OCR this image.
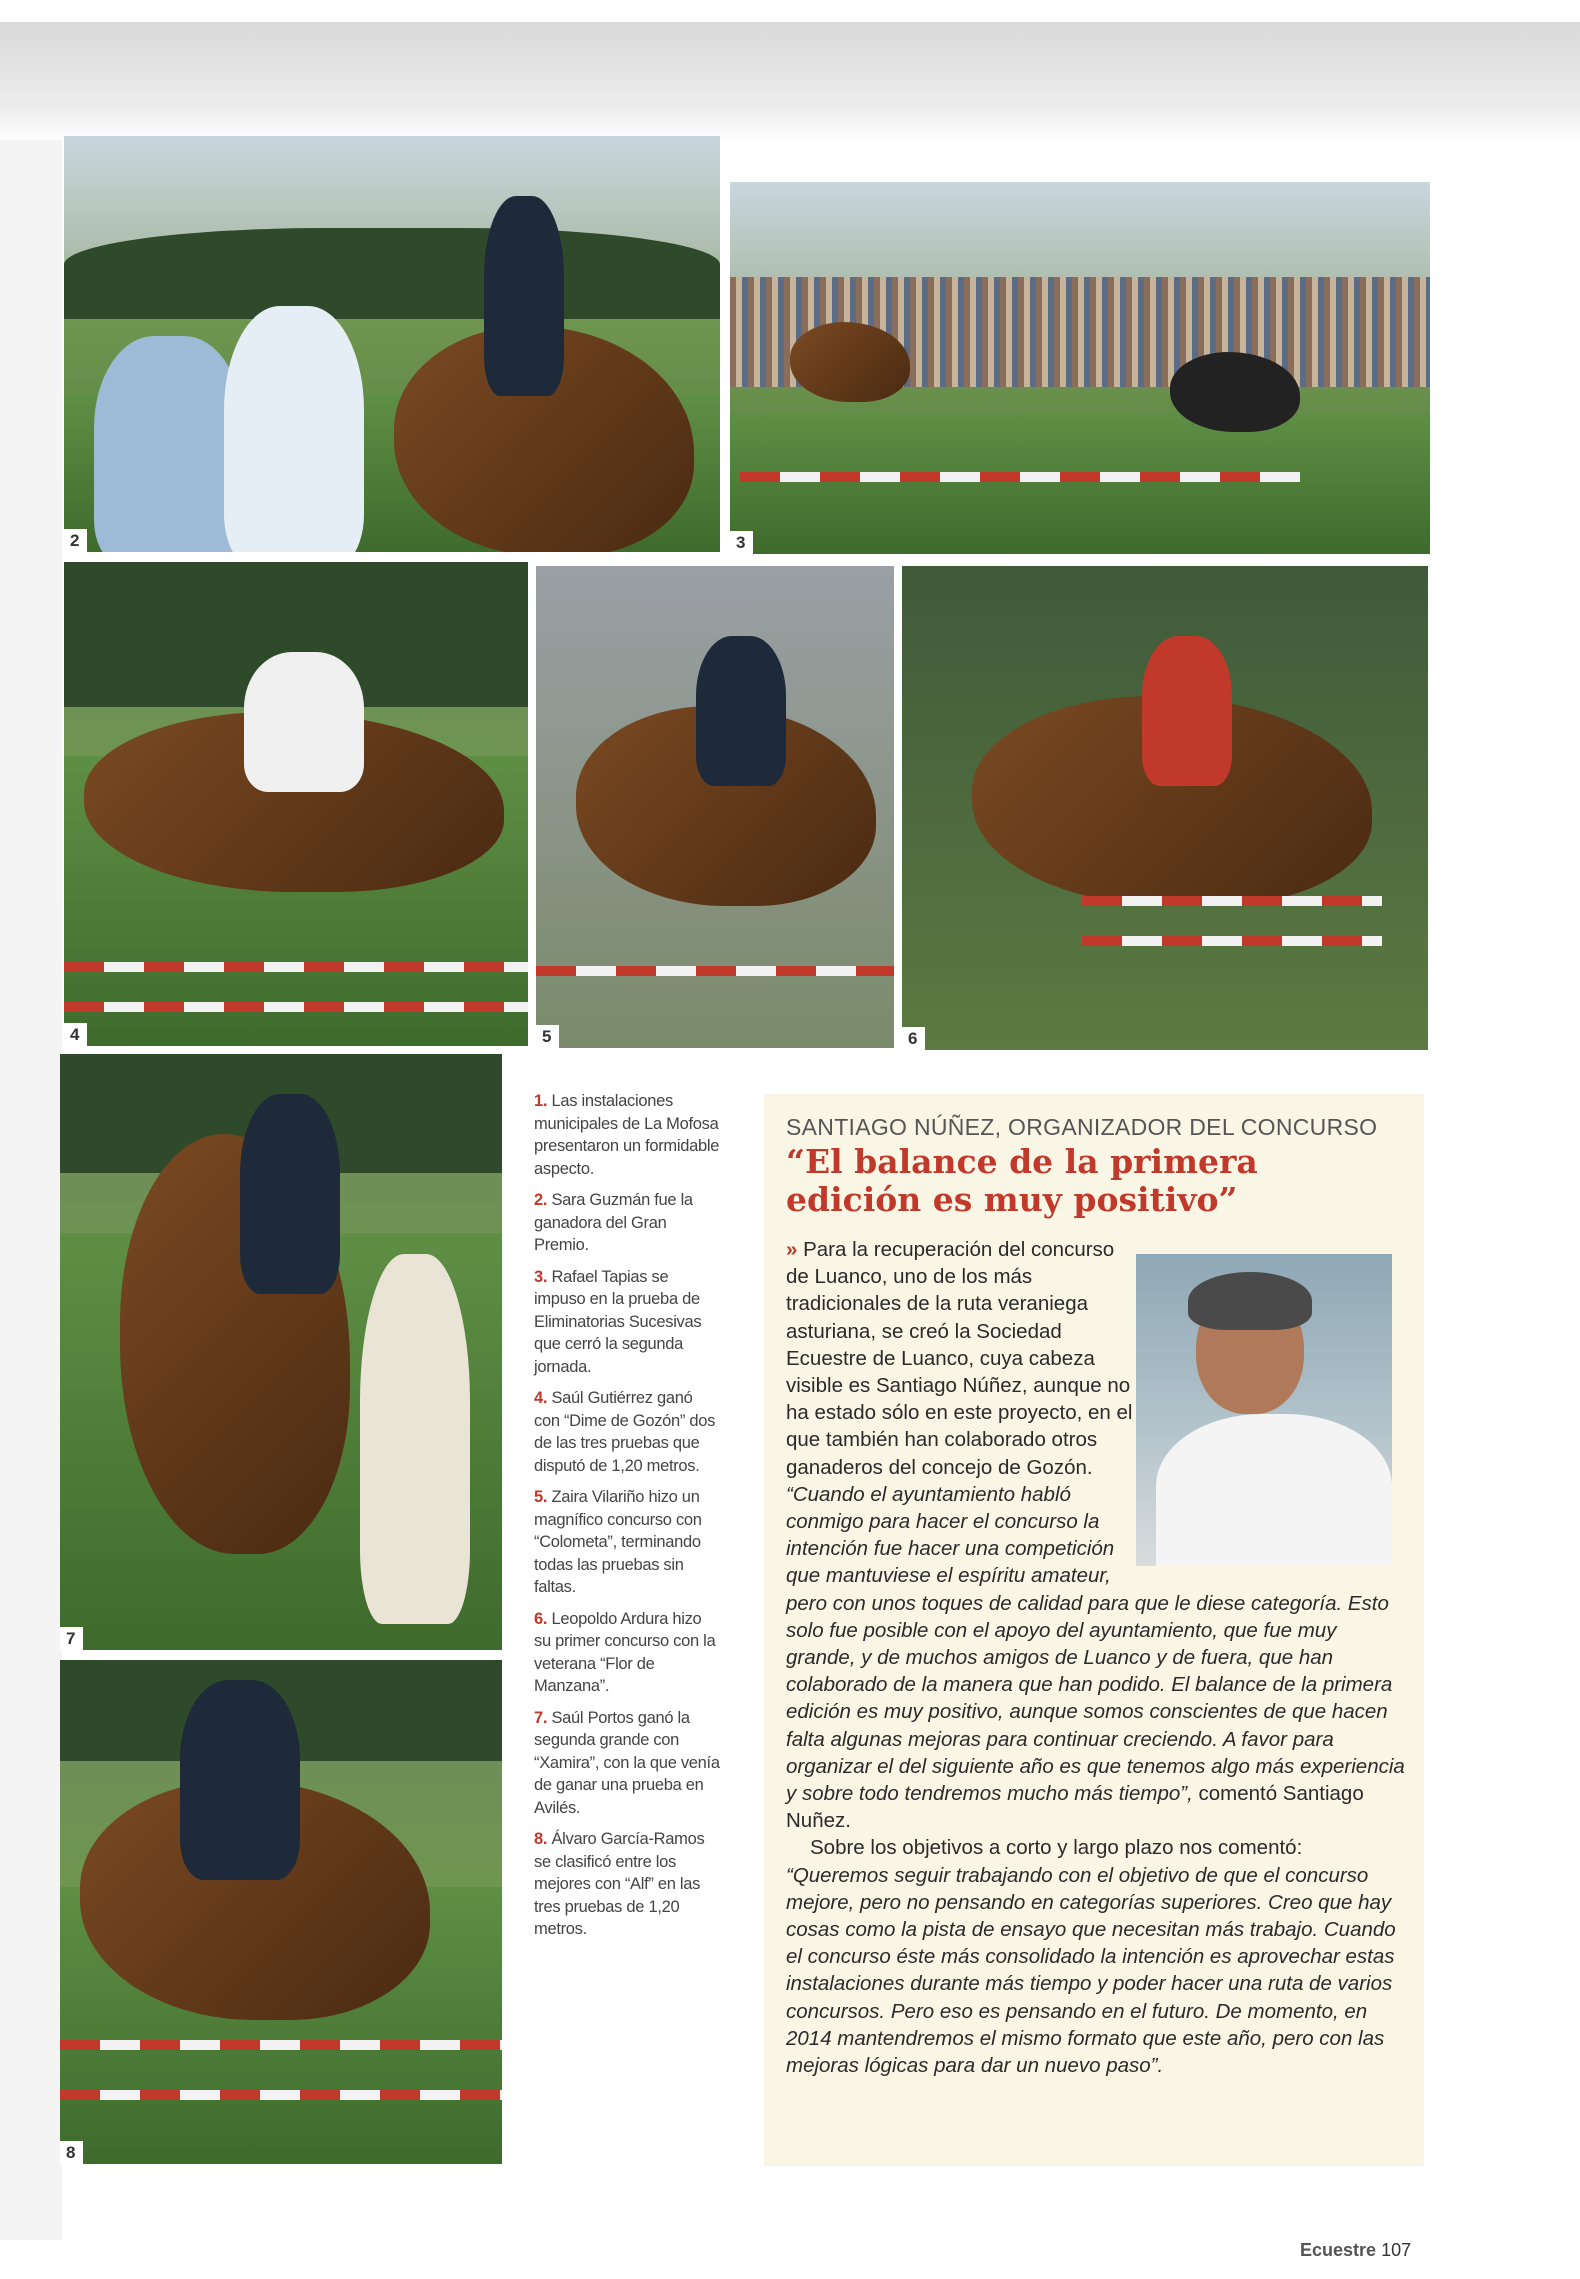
2	3
4	5	6
7
8

1. Las instalaciones municipales de La Mofosa presentaron un formidable aspecto.

2. Sara Guzmán fue la ganadora del Gran Premio.

3. Rafael Tapias se impuso en la prueba de Eliminatorias Sucesivas que cerró la segunda jornada.

4. Saúl Gutiérrez ganó con “Dime de Gozón” dos de las tres pruebas que disputó de 1,20 metros.

5. Zaira Vilariño hizo un magnífico concurso con “Colometa”, terminando todas las pruebas sin faltas.

6. Leopoldo Ardura hizo su primer concurso con la veterana “Flor de Manzana”.

7. Saúl Portos ganó la segunda grande con “Xamira”, con la que venía de ganar una prueba en Avilés.

8. Álvaro García-Ramos se clasificó entre los mejores con “Alf” en las tres pruebas de 1,20 metros.

SANTIAGO NÚÑEZ, ORGANIZADOR DEL CONCURSO
“El balance de la primera edición es muy positivo”

» Para la recuperación del concurso de Luanco, uno de los más tradicionales de la ruta veraniega asturiana, se creó la Sociedad Ecuestre de Luanco, cuya cabeza visible es Santiago Núñez, aunque no ha estado sólo en este proyecto, en el que también han colaborado otros ganaderos del concejo de Gozón. “Cuando el ayuntamiento habló conmigo para hacer el concurso la intención fue hacer una competición que mantuviese el espíritu amateur, pero con unos toques de calidad para que le diese categoría. Esto solo fue posible con el apoyo del ayuntamiento, que fue muy grande, y de muchos amigos de Luanco y de fuera, que han colaborado de la manera que han podido. El balance de la primera edición es muy positivo, aunque somos conscientes de que hacen falta algunas mejoras para continuar creciendo. A favor para organizar el del siguiente año es que tenemos algo más experiencia y sobre todo tendremos mucho más tiempo”, comentó Santiago Nuñez.

Sobre los objetivos a corto y largo plazo nos comentó: “Queremos seguir trabajando con el objetivo de que el concurso mejore, pero no pensando en categorías superiores. Creo que hay cosas como la pista de ensayo que necesitan más trabajo. Cuando el concurso éste más consolidado la intención es aprovechar estas instalaciones durante más tiempo y poder hacer una ruta de varios concursos. Pero eso es pensando en el futuro. De momento, en 2014 mantendremos el mismo formato que este año, pero con las mejoras lógicas para dar un nuevo paso”.

Ecuestre 107
